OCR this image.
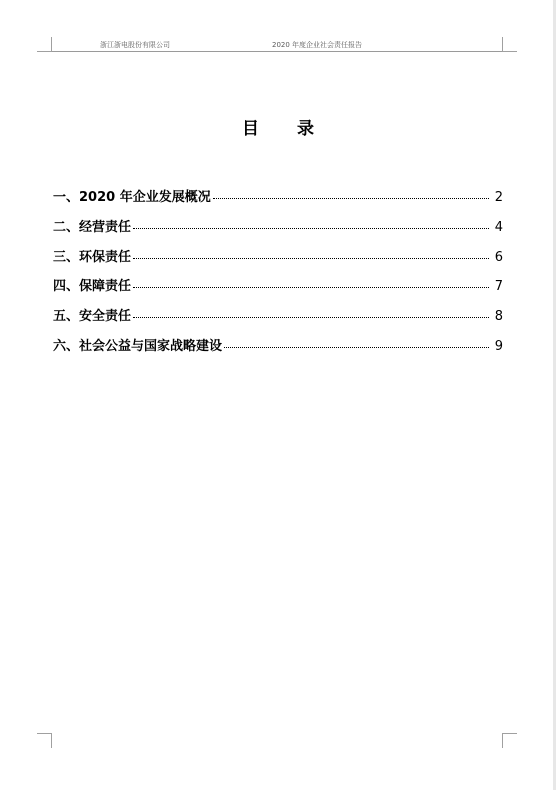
浙江浙电股份有限公司	2020 年度企业社会责任报告
目录
一、2020 年企业发展概况	2
二、经营责任	4
三、环保责任	6
四、保障责任	7
五、安全责任	8
六、社会公益与国家战略建设	9
